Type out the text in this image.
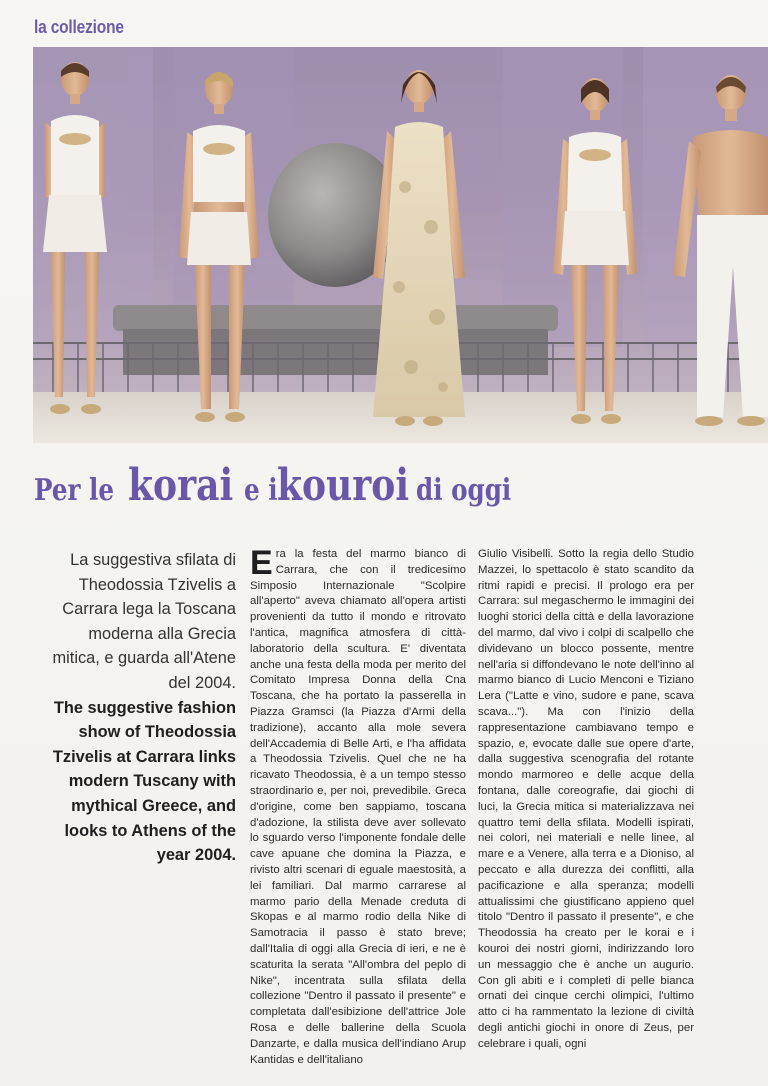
la collezione
Per lekoraie ikouroidi oggi

La suggestiva sfilata di Theodossia Tzivelis a Carrara lega la Toscana moderna alla Grecia mitica, e guarda all'Atene del 2004.

The suggestive fashion show of Theodossia Tzivelis at Carrara links modern Tuscany with mythical Greece, and looks to Athens of the year 2004.

Era la festa del marmo bianco di Carrara, che con il tredicesimo Simposio Internazionale "Scolpire all'aperto" aveva chiamato all'opera artisti provenienti da tutto il mondo e ritrovato l'antica, magnifica atmosfera di città-laboratorio della scultura. E' diventata anche una festa della moda per merito del Comitato Impresa Donna della Cna Toscana, che ha portato la passerella in Piazza Gramsci (la Piazza d'Armi della tradizione), accanto alla mole severa dell'Accademia di Belle Arti, e l'ha affidata a Theodossia Tzivelis. Quel che ne ha ricavato Theodossia, è a un tempo stesso straordinario e, per noi, prevedibile. Greca d'origine, come ben sappiamo, toscana d'adozione, la stilista deve aver sollevato lo sguardo verso l'imponente fondale delle cave apuane che domina la Piazza, e rivisto altri scenari di eguale maestosità, a lei familiari. Dal marmo carrarese al marmo pario della Menade creduta di Skopas e al marmo rodio della Nike di Samotracia il passo è stato breve; dall'Italia di oggi alla Grecia di ieri, e ne è scaturita la serata "All'ombra del peplo di Nike", incentrata sulla sfilata della collezione "Dentro il passato il presente" e completata dall'esibizione dell'attrice Jole Rosa e delle ballerine della Scuola Danzarte, e dalla musica dell'indiano Arup Kantidas e dell'italiano
Giulio Visibelli. Sotto la regia dello Studio Mazzei, lo spettacolo è stato scandito da ritmi rapidi e precisi. Il prologo era per Carrara: sul megaschermo le immagini dei luoghi storici della città e della lavorazione del marmo, dal vivo i colpi di scalpello che dividevano un blocco possente, mentre nell'aria si diffondevano le note dell'inno al marmo bianco di Lucio Menconi e Tiziano Lera ("Latte e vino, sudore e pane, scava scava..."). Ma con l'inizio della rappresentazione cambiavano tempo e spazio, e, evocate dalle sue opere d'arte, dalla suggestiva scenografia del rotante mondo marmoreo e delle acque della fontana, dalle coreografie, dai giochi di luci, la Grecia mitica si materializzava nei quattro temi della sfilata. Modelli ispirati, nei colori, nei materiali e nelle linee, al mare e a Venere, alla terra e a Dioniso, al peccato e alla durezza dei conflitti, alla pacificazione e alla speranza; modelli attualissimi che giustificano appieno quel titolo "Dentro il passato il presente", e che Theodossia ha creato per le korai e i kouroi dei nostri giorni, indirizzando loro un messaggio che è anche un augurio. Con gli abiti e i completi di pelle bianca ornati dei cinque cerchi olimpici, l'ultimo atto ci ha rammentato la lezione di civiltà degli antichi giochi in onore di Zeus, per celebrare i quali, ogni
